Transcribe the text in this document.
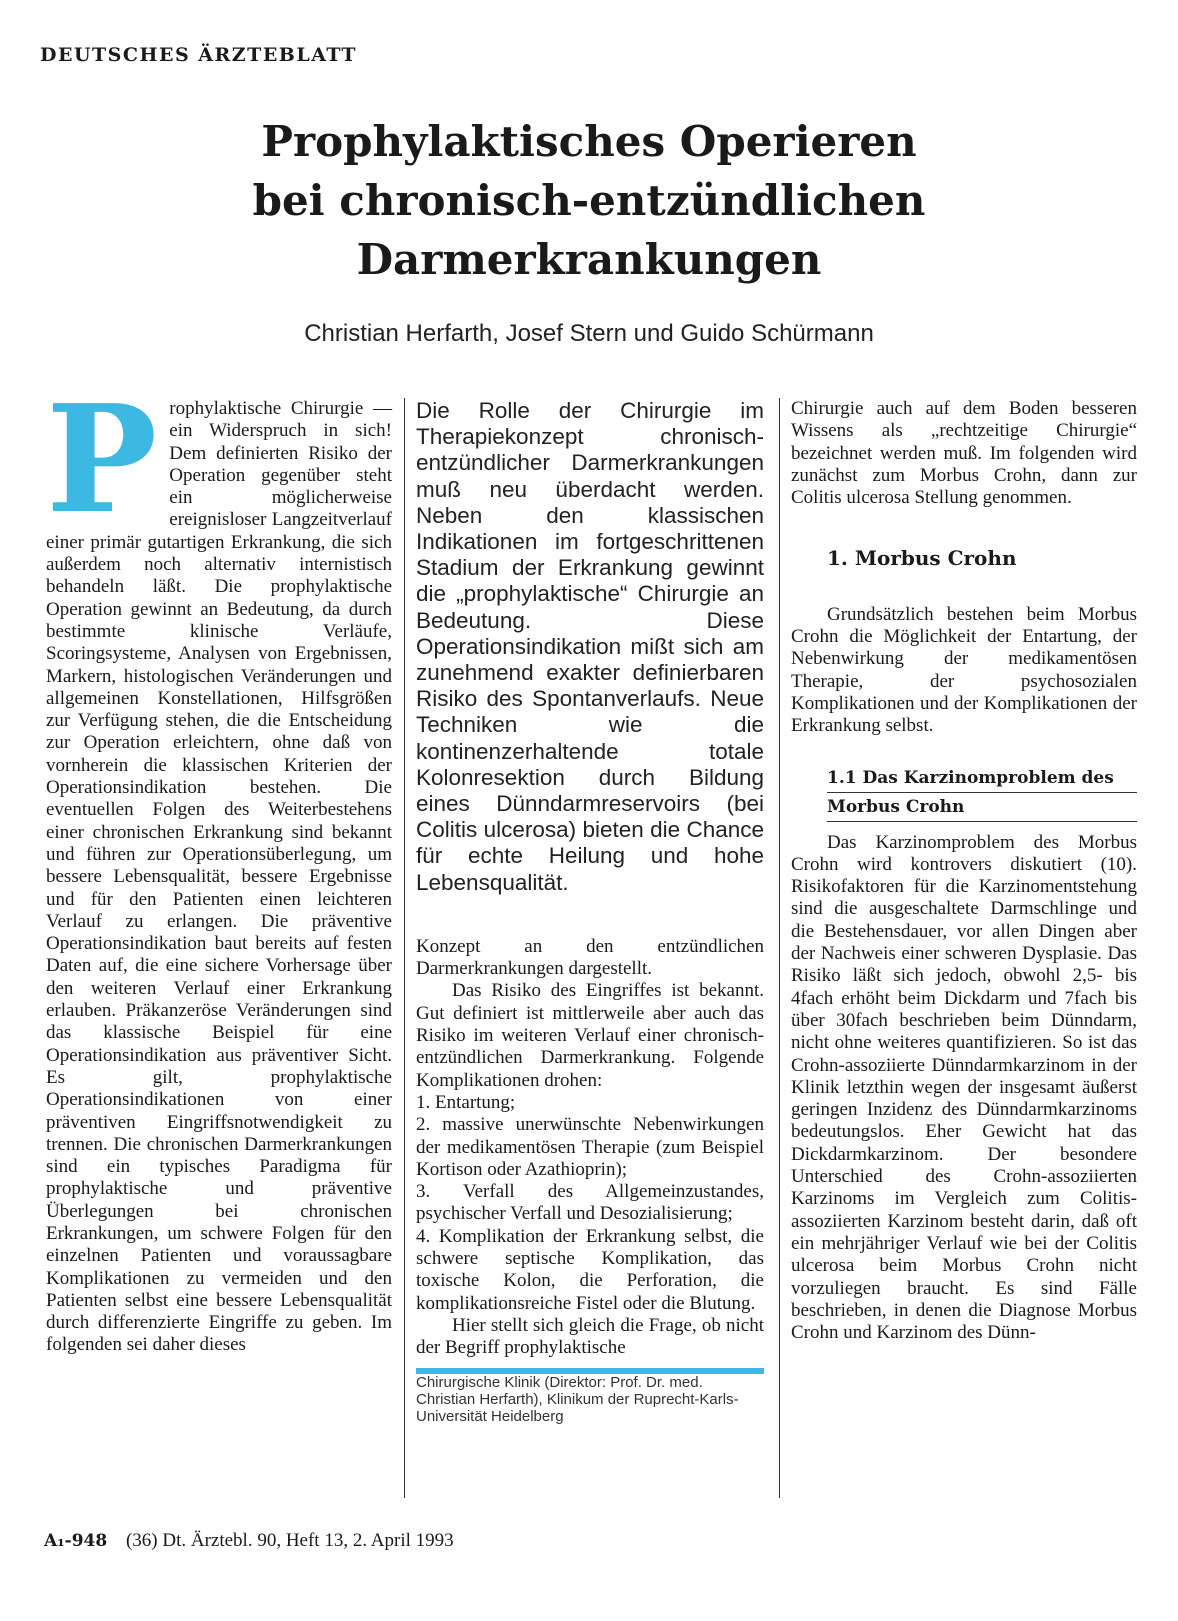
DEUTSCHES ÄRZTEBLATT
Prophylaktisches Operieren
bei chronisch-entzündlichen
Darmerkrankungen
Christian Herfarth, Josef Stern und Guido Schürmann
P rophylaktische Chirurgie — ein Widerspruch in sich! Dem definierten Risiko der Operation gegenüber steht ein möglicherweise ereignisloser Langzeitverlauf einer primär gutartigen Erkrankung, die sich außerdem noch alternativ internistisch behandeln läßt. Die prophylaktische Operation gewinnt an Bedeutung, da durch bestimmte klinische Verläufe, Scoringsysteme, Analysen von Ergebnissen, Markern, histologischen Veränderungen und allgemeinen Konstellationen, Hilfsgrößen zur Verfügung stehen, die die Entscheidung zur Operation erleichtern, ohne daß von vornherein die klassischen Kriterien der Operationsindikation bestehen. Die eventuellen Folgen des Weiterbestehens einer chronischen Erkrankung sind bekannt und führen zur Operationsüberlegung, um bessere Lebensqualität, bessere Ergebnisse und für den Patienten einen leichteren Verlauf zu erlangen. Die präventive Operationsindikation baut bereits auf festen Daten auf, die eine sichere Vorhersage über den weiteren Verlauf einer Erkrankung erlauben. Präkanzeröse Veränderungen sind das klassische Beispiel für eine Operationsindikation aus präventiver Sicht. Es gilt, prophylaktische Operationsindikationen von einer präventiven Eingriffsnotwendigkeit zu trennen. Die chronischen Darmerkrankungen sind ein typisches Paradigma für prophylaktische und präventive Überlegungen bei chronischen Erkrankungen, um schwere Folgen für den einzelnen Patienten und voraussagbare Komplikationen zu vermeiden und den Patienten selbst eine bessere Lebensqualität durch differenzierte Eingriffe zu geben. Im folgenden sei daher dieses

Die Rolle der Chirurgie im Therapiekonzept chronisch-entzündlicher Darmerkrankungen muß neu überdacht werden. Neben den klassischen Indikationen im fortgeschrittenen Stadium der Erkrankung gewinnt die „prophylaktische“ Chirurgie an Bedeutung. Diese Operationsindikation mißt sich am zunehmend exakter definierbaren Risiko des Spontanverlaufs. Neue Techniken wie die kontinenzerhaltende totale Kolonresektion durch Bildung eines Dünndarmreservoirs (bei Colitis ulcerosa) bieten die Chance für echte Heilung und hohe Lebensqualität.

Konzept an den entzündlichen Darmerkrankungen dargestellt.

Das Risiko des Eingriffes ist bekannt. Gut definiert ist mittlerweile aber auch das Risiko im weiteren Verlauf einer chronisch-entzündlichen Darmerkrankung. Folgende Komplikationen drohen:

1. Entartung;

2. massive unerwünschte Nebenwirkungen der medikamentösen Therapie (zum Beispiel Kortison oder Azathioprin);

3. Verfall des Allgemeinzustandes, psychischer Verfall und Desozialisierung;

4. Komplikation der Erkrankung selbst, die schwere septische Komplikation, das toxische Kolon, die Perforation, die komplikationsreiche Fistel oder die Blutung.

Hier stellt sich gleich die Frage, ob nicht der Begriff prophylaktische

Chirurgische Klinik (Direktor: Prof. Dr. med. Christian Herfarth), Klinikum der Ruprecht-Karls-Universität Heidelberg

Chirurgie auch auf dem Boden besseren Wissens als „rechtzeitige Chirurgie“ bezeichnet werden muß. Im folgenden wird zunächst zum Morbus Crohn, dann zur Colitis ulcerosa Stellung genommen.

1. Morbus Crohn

Grundsätzlich bestehen beim Morbus Crohn die Möglichkeit der Entartung, der Nebenwirkung der medikamentösen Therapie, der psychosozialen Komplikationen und der Komplikationen der Erkrankung selbst.

1.1 Das Karzinomproblem des
Morbus Crohn

Das Karzinomproblem des Morbus Crohn wird kontrovers diskutiert (10). Risikofaktoren für die Karzinomentstehung sind die ausgeschaltete Darmschlinge und die Bestehensdauer, vor allen Dingen aber der Nachweis einer schweren Dysplasie. Das Risiko läßt sich jedoch, obwohl 2,5- bis 4fach erhöht beim Dickdarm und 7fach bis über 30fach beschrieben beim Dünndarm, nicht ohne weiteres quantifizieren. So ist das Crohn-assoziierte Dünndarmkarzinom in der Klinik letzthin wegen der insgesamt äußerst geringen Inzidenz des Dünndarmkarzinoms bedeutungslos. Eher Gewicht hat das Dickdarmkarzinom. Der besondere Unterschied des Crohn-assoziierten Karzinoms im Vergleich zum Colitis-assoziierten Karzinom besteht darin, daß oft ein mehrjähriger Verlauf wie bei der Colitis ulcerosa beim Morbus Crohn nicht vorzuliegen braucht. Es sind Fälle beschrieben, in denen die Diagnose Morbus Crohn und Karzinom des Dünn-

A₁-948 (36) Dt. Ärztebl. 90, Heft 13, 2. April 1993
